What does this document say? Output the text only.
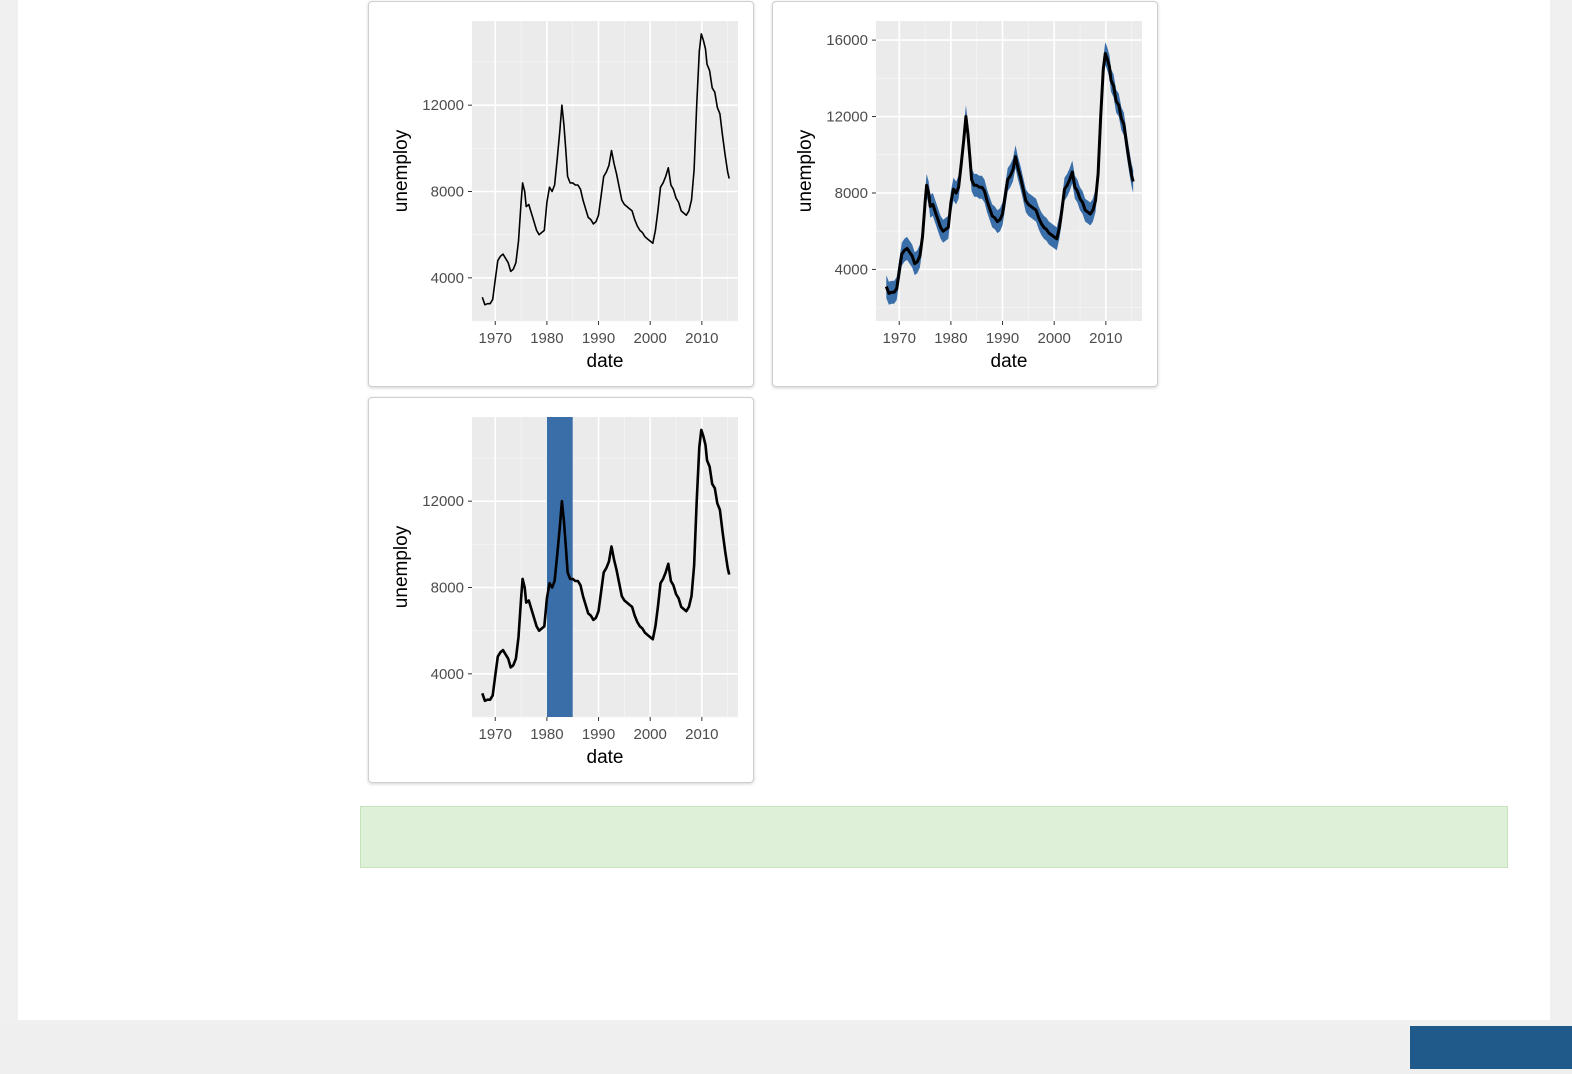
1970 1980 1990 2000 2010
4000
8000
12000
date
unemploy
1970 1980 1990 2000 2010
4000
8000
12000
16000
date
unemploy
1970 1980 1990 2000 2010
4000
8000
12000
date
unemploy
